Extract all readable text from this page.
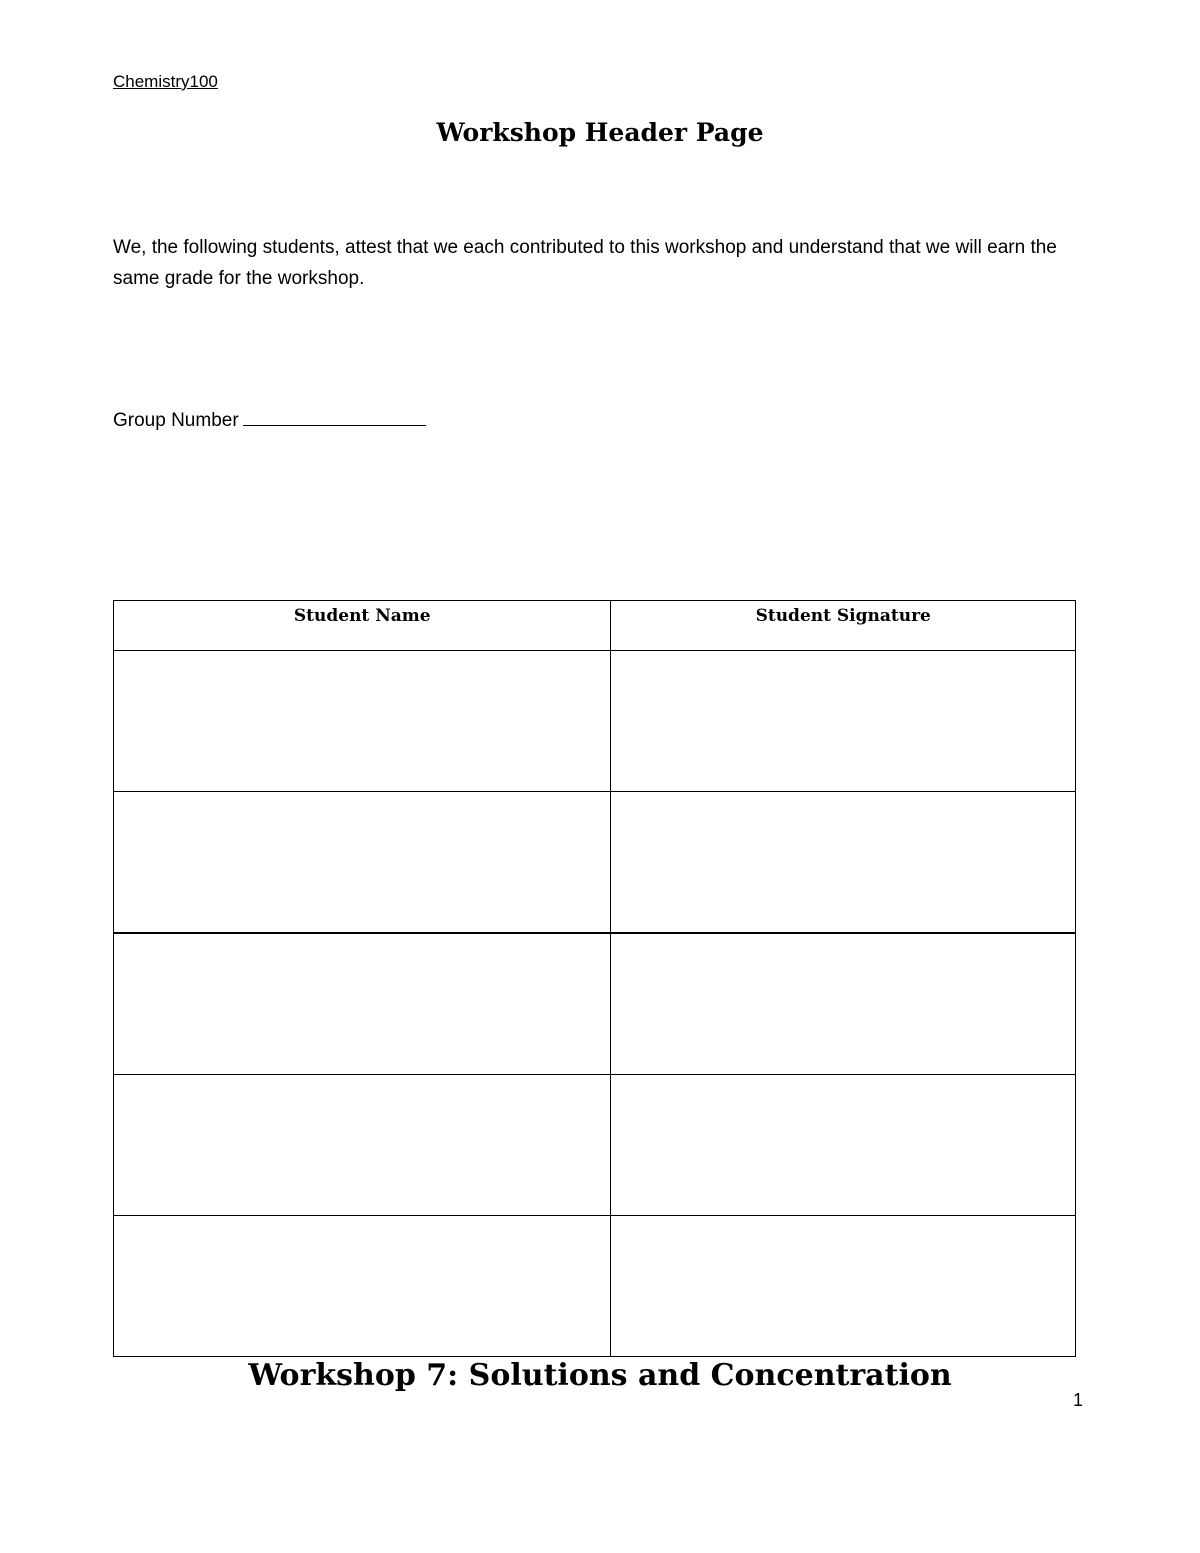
Chemistry100
Workshop Header Page
We, the following students, attest that we each contributed to this workshop and understand that we will earn the same grade for the workshop.
Group Number
Student Name	Student Signature

Workshop 7: Solutions and Concentration
1
